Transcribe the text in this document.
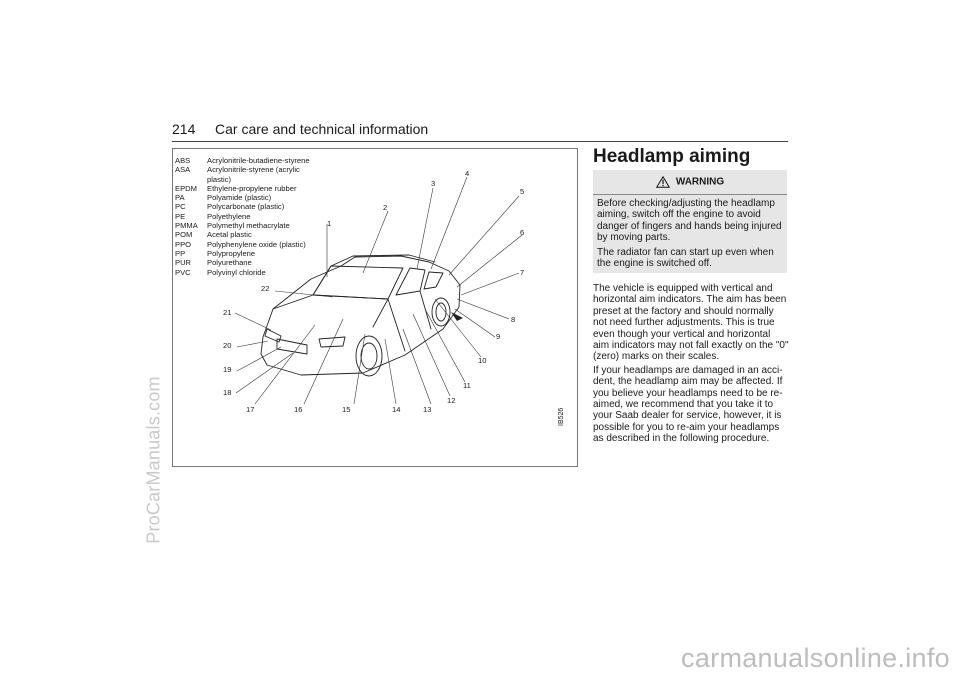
ProCarManuals.com
214 Car care and technical information
ABS	Acrylonitrile-butadiene-styrene
ASA	Acrylonitrile-styrene (acrylic plastic)
EPDM	Ethylene-propylene rubber
PA	Polyamide (plastic)
PC	Polycarbonate (plastic)
PE	Polyethylene
PMMA	Polymethyl methacrylate
POM	Acetal plastic
PPO	Polyphenylene oxide (plastic)
PP	Polypropylene
PUR	Polyurethane
PVC	Polyvinyl chloride
1
2
3
4
5
6
7
8
9
10
11
12
13
14
15
16
17
18
19
20
21
22
IB526
Headlamp aiming
WARNING

Before checking/adjusting the headlamp aiming, switch off the engine to avoid danger of fingers and hands being injured by moving parts.

The radiator fan can start up even when the engine is switched off.

The vehicle is equipped with vertical and horizontal aim indicators. The aim has been preset at the factory and should normally not need further adjustments. This is true even though your vertical and horizontal aim indicators may not fall exactly on the "0" (zero) marks on their scales.

If your headlamps are damaged in an acci-dent, the headlamp aim may be affected. If you believe your headlamps need to be re-aimed, we recommend that you take it to your Saab dealer for service, however, it is possible for you to re-aim your headlamps as described in the following procedure.

carmanualsonline.info
